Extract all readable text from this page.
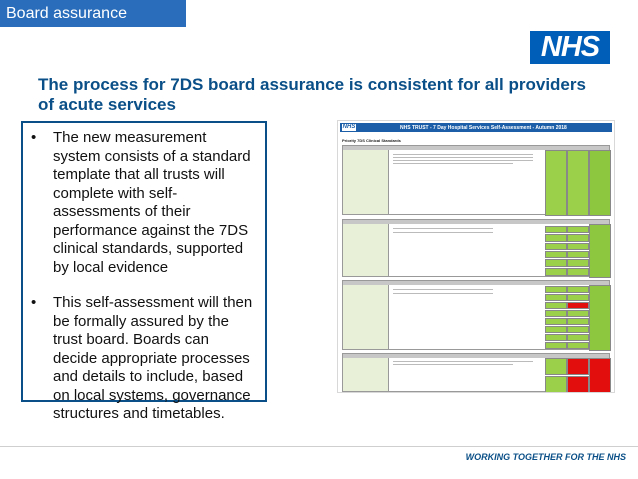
Board assurance process	NHS
The process for 7DS board assurance is consistent for all providers of acute services
•	The new measurement system consists of a standard template that all trusts will complete with self-assessments of their performance against the 7DS clinical standards, supported by local evidence
•	This self-assessment will then be formally assured by the trust board. Boards can decide appropriate processes and details to include, based on local systems, governance structures and timetables.
NHS	NHS TRUST - 7 Day Hospital Services Self-Assessment - Autumn 2018
Priority 7DS Clinical Standards
WORKING TOGETHER FOR THE NHS
